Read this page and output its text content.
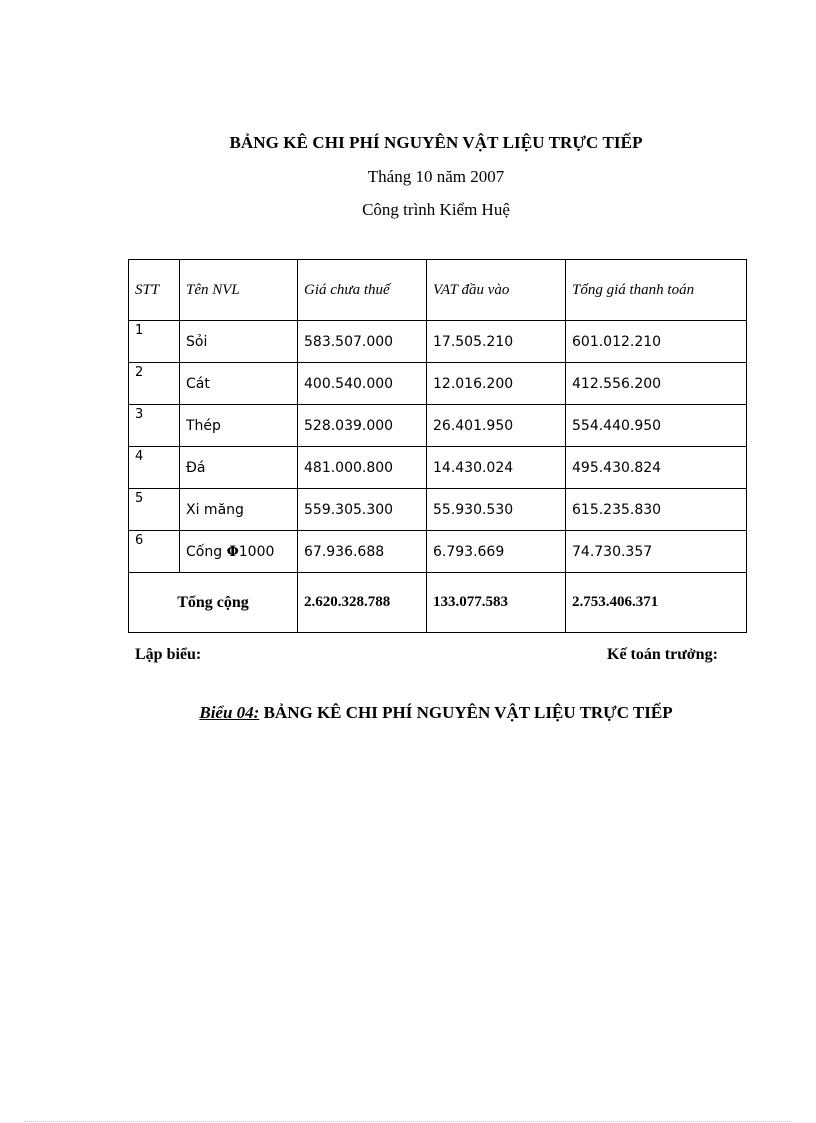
BẢNG KÊ CHI PHÍ NGUYÊN VẬT LIỆU TRỰC TIẾP
Tháng 10 năm 2007
Công trình Kiểm Huệ
STT	Tên NVL	Giá chưa thuế	VAT đầu vào	Tổng giá thanh toán
1	Sỏi	583.507.000	17.505.210	601.012.210
2	Cát	400.540.000	12.016.200	412.556.200
3	Thép	528.039.000	26.401.950	554.440.950
4	Đá	481.000.800	14.430.024	495.430.824
5	Xi măng	559.305.300	55.930.530	615.235.830
6	Cống Φ1000	67.936.688	6.793.669	74.730.357
Tổng cộng		2.620.328.788	133.077.583	2.753.406.371
Lập biểu:	Kế toán trưởng:
Biểu 04: BẢNG KÊ CHI PHÍ NGUYÊN VẬT LIỆU TRỰC TIẾP
